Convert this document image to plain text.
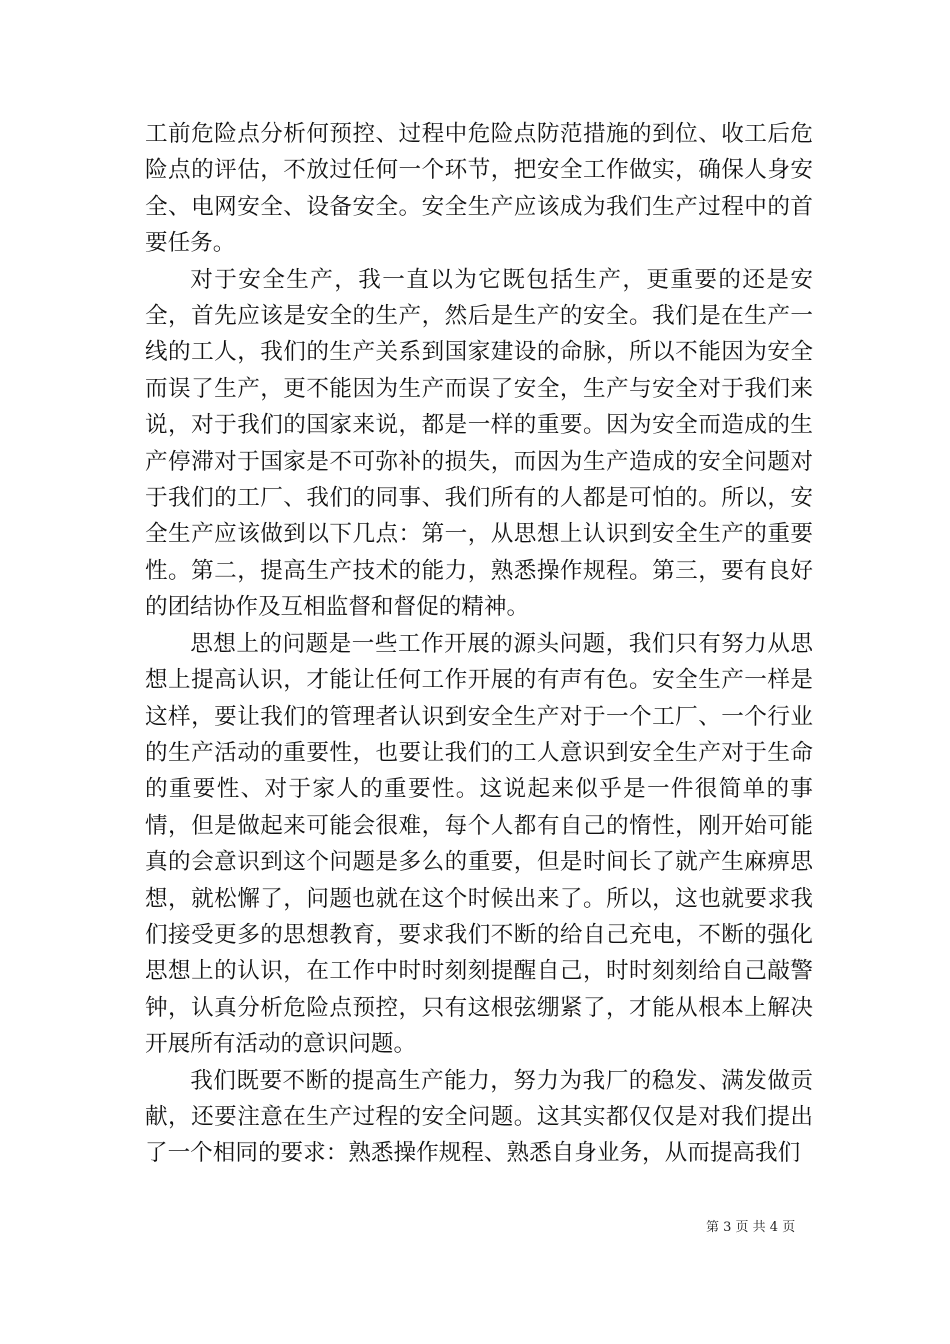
工前危险点分析何预控、过程中危险点防范措施的到位、收工后危险点的评估，不放过任何一个环节，把安全工作做实，确保人身安全、电网安全、设备安全。安全生产应该成为我们生产过程中的首要任务。

对于安全生产，我一直以为它既包括生产，更重要的还是安全，首先应该是安全的生产，然后是生产的安全。我们是在生产一线的工人，我们的生产关系到国家建设的命脉，所以不能因为安全而误了生产，更不能因为生产而误了安全，生产与安全对于我们来说，对于我们的国家来说，都是一样的重要。因为安全而造成的生产停滞对于国家是不可弥补的损失，而因为生产造成的安全问题对于我们的工厂、我们的同事、我们所有的人都是可怕的。所以，安全生产应该做到以下几点：第一，从思想上认识到安全生产的重要性。第二，提高生产技术的能力，熟悉操作规程。第三，要有良好的团结协作及互相监督和督促的精神。

思想上的问题是一些工作开展的源头问题，我们只有努力从思想上提高认识，才能让任何工作开展的有声有色。安全生产一样是这样，要让我们的管理者认识到安全生产对于一个工厂、一个行业的生产活动的重要性，也要让我们的工人意识到安全生产对于生命的重要性、对于家人的重要性。这说起来似乎是一件很简单的事情，但是做起来可能会很难，每个人都有自己的惰性，刚开始可能真的会意识到这个问题是多么的重要，但是时间长了就产生麻痹思想，就松懈了，问题也就在这个时候出来了。所以，这也就要求我们接受更多的思想教育，要求我们不断的给自己充电，不断的强化思想上的认识，在工作中时时刻刻提醒自己，时时刻刻给自己敲警钟，认真分析危险点预控，只有这根弦绷紧了，才能从根本上解决开展所有活动的意识问题。

我们既要不断的提高生产能力，努力为我厂的稳发、满发做贡献，还要注意在生产过程的安全问题。这其实都仅仅是对我们提出了一个相同的要求：熟悉操作规程、熟悉自身业务，从而提高我们

第 3 页 共 4 页
